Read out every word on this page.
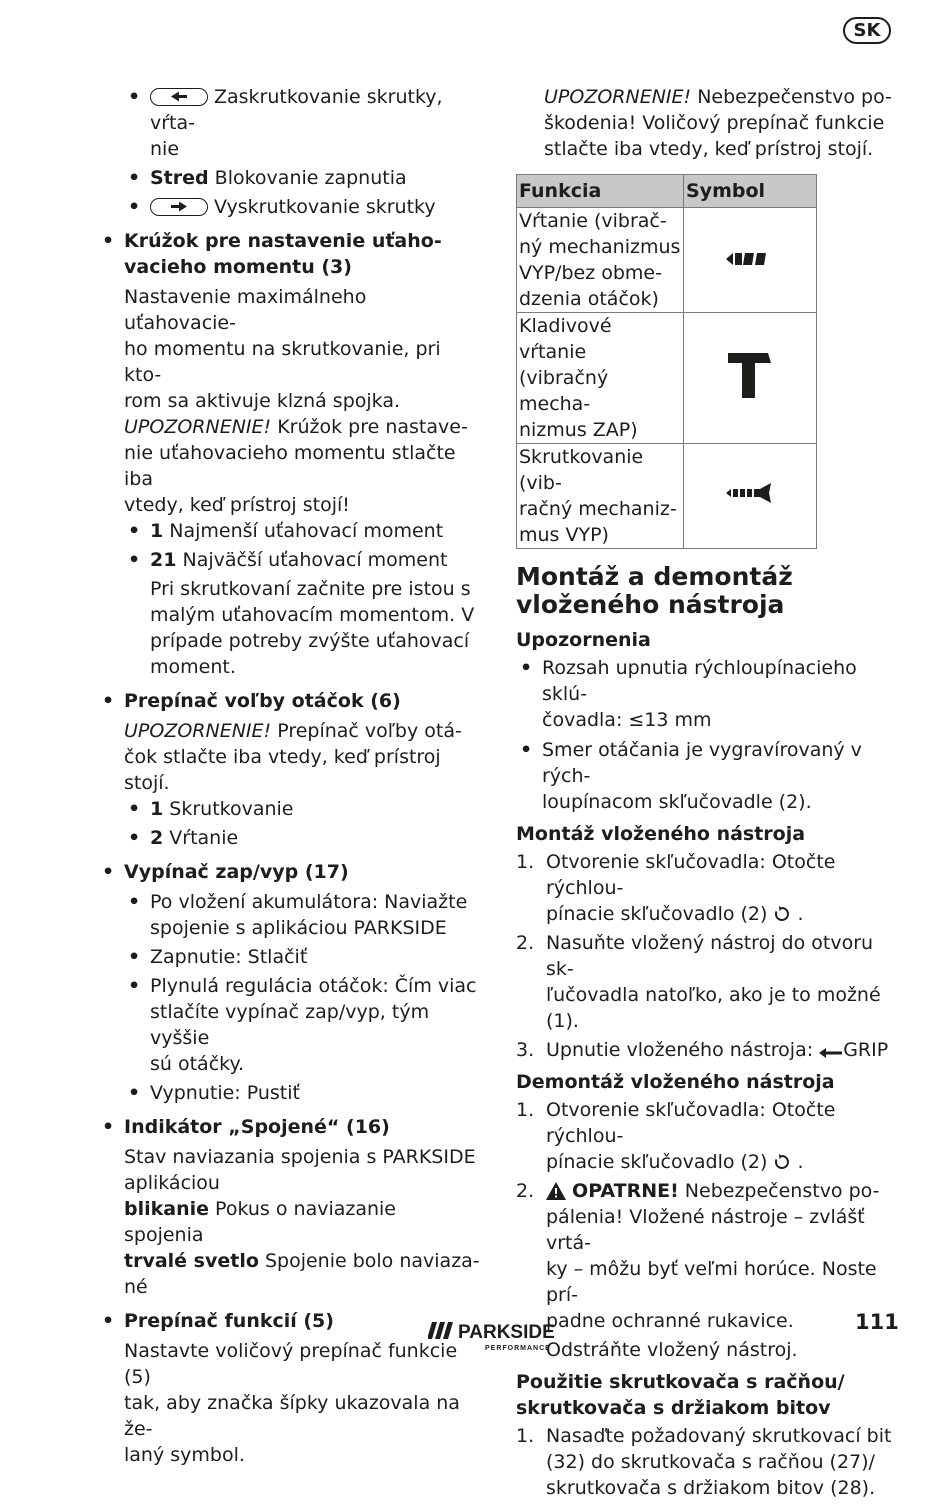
SK

• Zaskrutkovanie skrutky, vŕta-
nie

• Stred Blokovanie zapnutia

• Vyskrutkovanie skrutky

• Krúžok pre nastavenie uťaho-
vacieho momentu (3)

Nastavenie maximálneho uťahovacie-
ho momentu na skrutkovanie, pri kto-
rom sa aktivuje klzná spojka.
UPOZORNENIE! Krúžok pre nastave-
nie uťahovacieho momentu stlačte iba
vtedy, keď prístroj stojí!

• 1 Najmenší uťahovací moment

• 21 Najväčší uťahovací moment

Pri skrutkovaní začnite pre istou s
malým uťahovacím momentom. V
prípade potreby zvýšte uťahovací
moment.

• Prepínač voľby otáčok (6)

UPOZORNENIE! Prepínač voľby otá-
čok stlačte iba vtedy, keď prístroj stojí.

• 1 Skrutkovanie

• 2 Vŕtanie

• Vypínač zap/vyp (17)

• Po vložení akumulátora: Naviažte
spojenie s aplikáciou PARKSIDE

• Zapnutie: Stlačiť

• Plynulá regulácia otáčok: Čím viac
stlačíte vypínač zap/vyp, tým vyššie
sú otáčky.

• Vypnutie: Pustiť

• Indikátor „Spojené“ (16)

Stav naviazania spojenia s PARKSIDE
aplikáciou
blikanie Pokus o naviazanie spojenia
trvalé svetlo Spojenie bolo naviaza-
né

• Prepínač funkcií (5)

Nastavte voličový prepínač funkcie (5)
tak, aby značka šípky ukazovala na že-
laný symbol.

UPOZORNENIE! Nebezpečenstvo po-
škodenia! Voličový prepínač funkcie
stlačte iba vtedy, keď prístroj stojí.

Funkcia	Symbol
Vŕtanie (vibrač-
ný mechanizmus
VYP/bez obme-
dzenia otáčok)	
Kladivové vŕtanie
(vibračný mecha-
nizmus ZAP)	
Skrutkovanie (vib-
račný mechaniz-
mus VYP)	
Montáž a demontáž
vloženého nástroja
Upozornenia

• Rozsah upnutia rýchloupínacieho sklú-
čovadla: ≤13 mm

• Smer otáčania je vygravírovaný v rých-
loupínacom skľučovadle (2).

Montáž vloženého nástroja

1. Otvorenie skľučovadla: Otočte rýchlou-
pínacie skľučovadlo (2)  .

2. Nasuňte vložený nástroj do otvoru sk-
ľučovadla natoľko, ako je to možné
(1).

3. Upnutie vloženého nástroja: GRIP

Demontáž vloženého nástroja

1. Otvorenie skľučovadla: Otočte rýchlou-
pínacie skľučovadlo (2)  .

2. OPATRNE! Nebezpečenstvo po-
pálenia! Vložené nástroje – zvlášť vrtá-
ky – môžu byť veľmi horúce. Noste prí-
padne ochranné rukavice.
Odstráňte vložený nástroj.

Použitie skrutkovača s račňou/
skrutkovača s držiakom bitov

1. Nasaďte požadovaný skrutkovací bit
(32) do skrutkovača s račňou (27)/
skrutkovača s držiakom bitov (28).

PARKSIDE
PERFORMANCE
111
